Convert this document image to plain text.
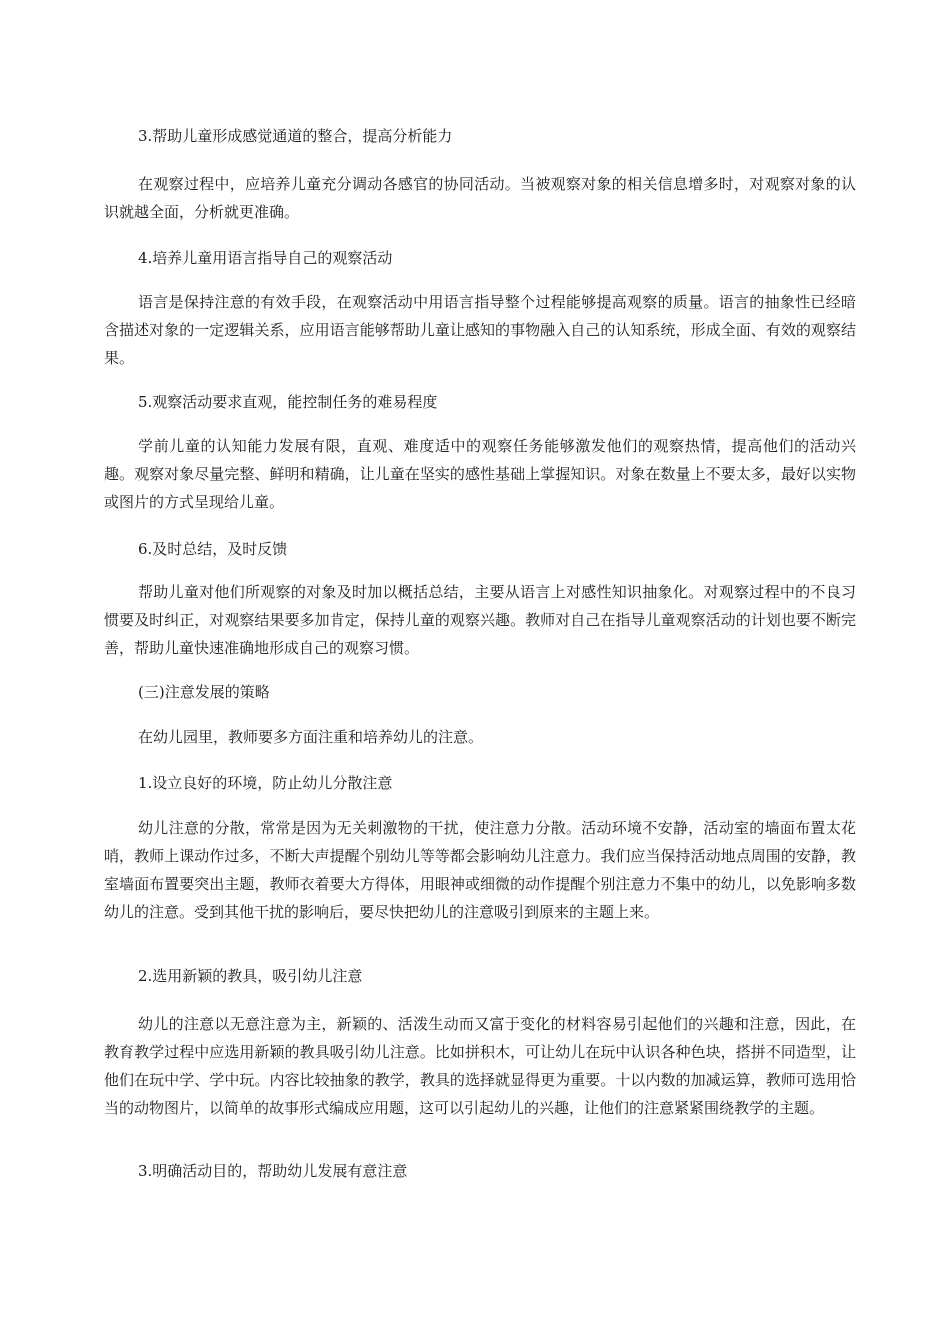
3.帮助儿童形成感觉通道的整合，提高分析能力

在观察过程中，应培养儿童充分调动各感官的协同活动。当被观察对象的相关信息增多时，对观察对象的认识就越全面，分析就更准确。

4.培养儿童用语言指导自己的观察活动

语言是保持注意的有效手段，在观察活动中用语言指导整个过程能够提高观察的质量。语言的抽象性已经暗含描述对象的一定逻辑关系，应用语言能够帮助儿童让感知的事物融入自己的认知系统，形成全面、有效的观察结果。

5.观察活动要求直观，能控制任务的难易程度

学前儿童的认知能力发展有限，直观、难度适中的观察任务能够激发他们的观察热情，提高他们的活动兴趣。观察对象尽量完整、鲜明和精确，让儿童在坚实的感性基础上掌握知识。对象在数量上不要太多，最好以实物或图片的方式呈现给儿童。

6.及时总结，及时反馈

帮助儿童对他们所观察的对象及时加以概括总结，主要从语言上对感性知识抽象化。对观察过程中的不良习惯要及时纠正，对观察结果要多加肯定，保持儿童的观察兴趣。教师对自己在指导儿童观察活动的计划也要不断完善，帮助儿童快速准确地形成自己的观察习惯。

(三)注意发展的策略

在幼儿园里，教师要多方面注重和培养幼儿的注意。

1.设立良好的环境，防止幼儿分散注意

幼儿注意的分散，常常是因为无关刺激物的干扰，使注意力分散。活动环境不安静，活动室的墙面布置太花哨，教师上课动作过多，不断大声提醒个别幼儿等等都会影响幼儿注意力。我们应当保持活动地点周围的安静，教室墙面布置要突出主题，教师衣着要大方得体，用眼神或细微的动作提醒个别注意力不集中的幼儿，以免影响多数幼儿的注意。受到其他干扰的影响后，要尽快把幼儿的注意吸引到原来的主题上来。

2.选用新颖的教具，吸引幼儿注意

幼儿的注意以无意注意为主，新颖的、活泼生动而又富于变化的材料容易引起他们的兴趣和注意，因此，在教育教学过程中应选用新颖的教具吸引幼儿注意。比如拼积木，可让幼儿在玩中认识各种色块，搭拼不同造型，让他们在玩中学、学中玩。内容比较抽象的教学，教具的选择就显得更为重要。十以内数的加减运算，教师可选用恰当的动物图片，以简单的故事形式编成应用题，这可以引起幼儿的兴趣，让他们的注意紧紧围绕教学的主题。

3.明确活动目的，帮助幼儿发展有意注意
